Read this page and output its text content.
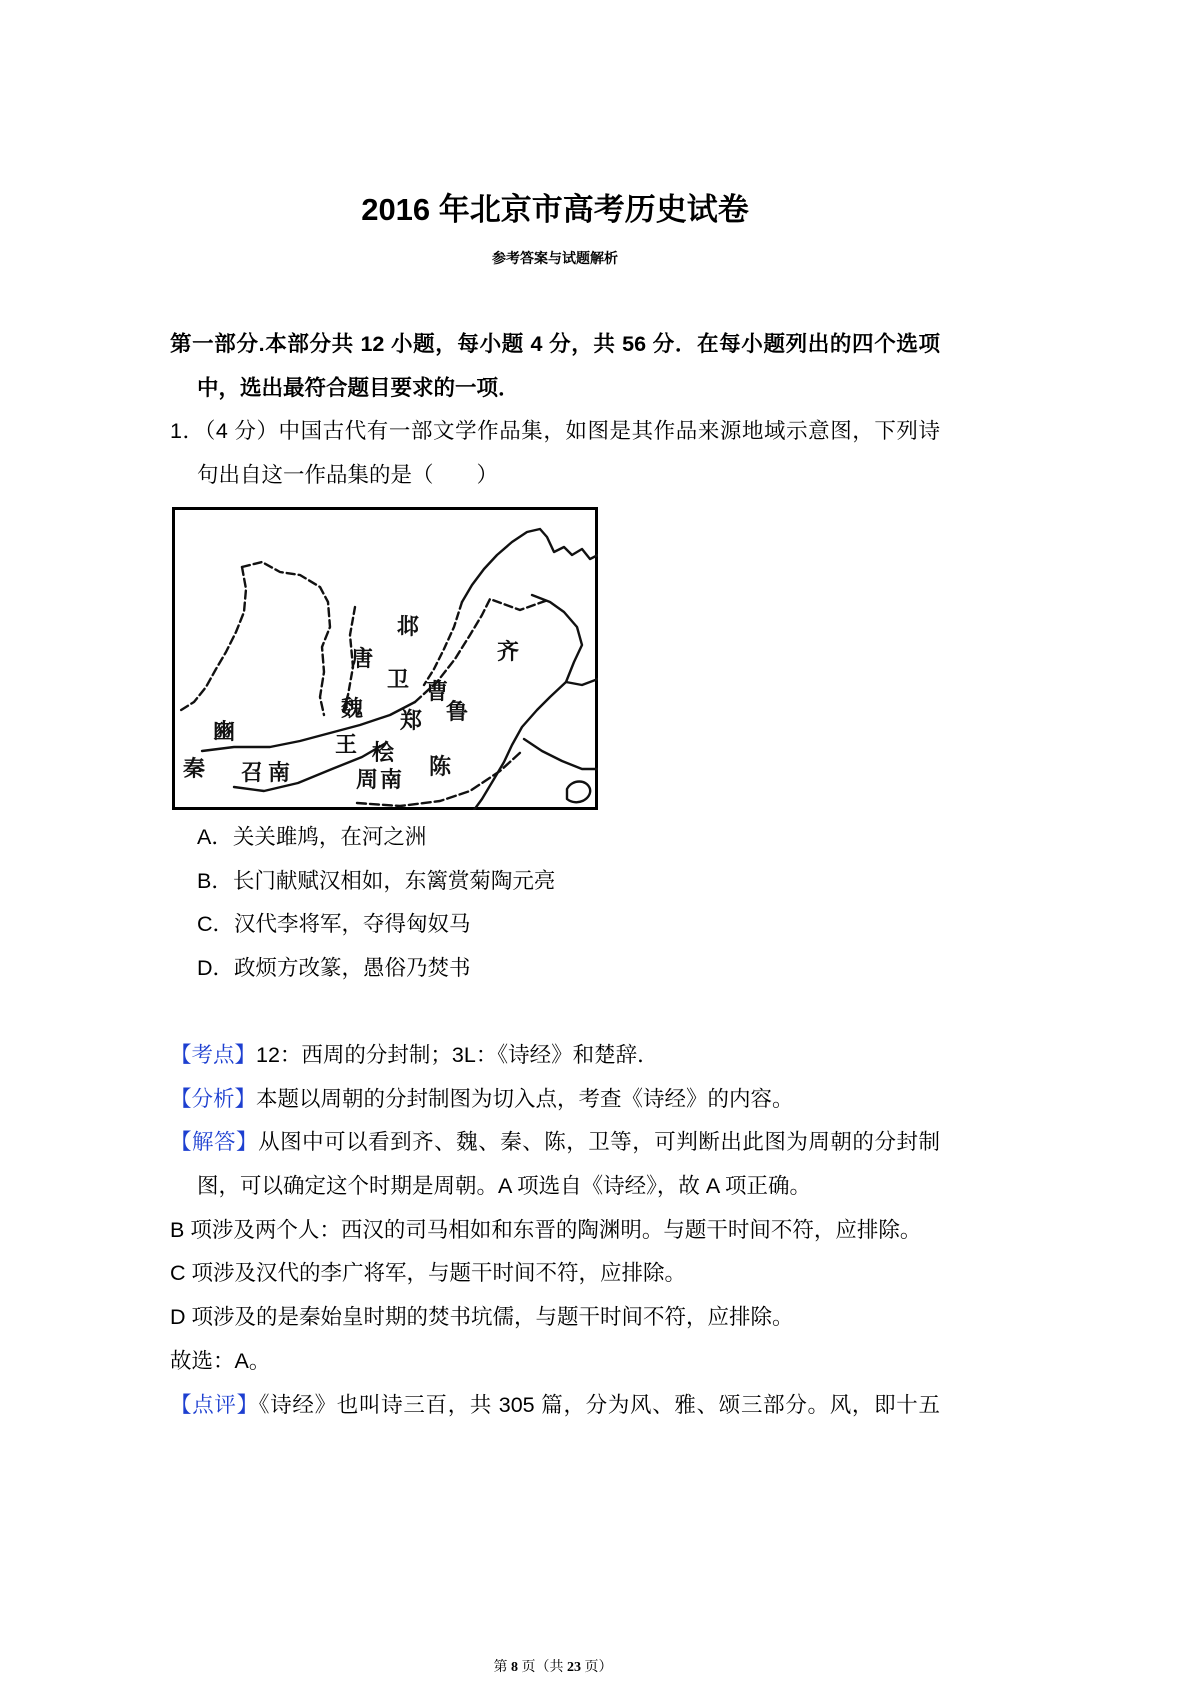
2016 年北京市高考历史试卷
参考答案与试题解析
第一部分.本部分共 12 小题，每小题 4 分，共 56 分．在每小题列出的四个选项
中，选出最符合题目要求的一项．
1．（4 分）中国古代有一部文学作品集，如图是其作品来源地域示意图，下列诗
句出自这一作品集的是（　　）
邶
唐
卫
齐
曹
魏 郑 鲁
豳	王 桧
秦 召南	周南 陈
A．关关雎鸠，在河之洲
B．长门献赋汉相如，东篱赏菊陶元亮
C．汉代李将军，夺得匈奴马
D．政烦方改篆，愚俗乃焚书
【考点】12：西周的分封制；3L：《诗经》和楚辞．
【分析】本题以周朝的分封制图为切入点，考查《诗经》的内容。
【解答】从图中可以看到齐、魏、秦、陈，卫等，可判断出此图为周朝的分封制
图，可以确定这个时期是周朝。A 项选自《诗经》，故 A 项正确。
B 项涉及两个人：西汉的司马相如和东晋的陶渊明。与题干时间不符，应排除。
C 项涉及汉代的李广将军，与题干时间不符，应排除。
D 项涉及的是秦始皇时期的焚书坑儒，与题干时间不符，应排除。
故选：A。
【点评】《诗经》也叫诗三百，共 305 篇，分为风、雅、颂三部分。风，即十五
第 8 页（共 23 页）
